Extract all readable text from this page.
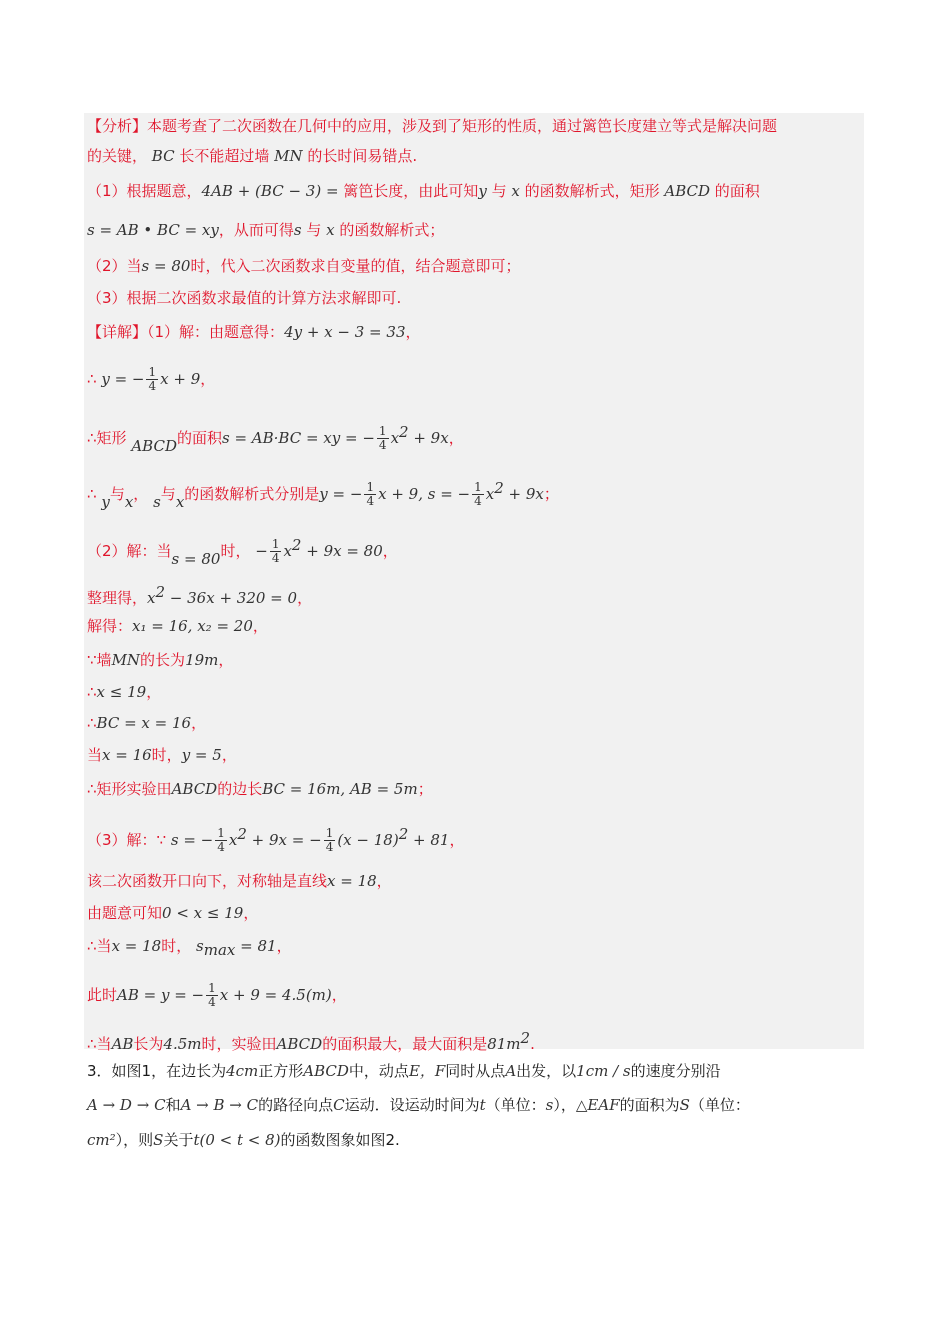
【分析】本题考查了二次函数在几何中的应用，涉及到了矩形的性质，通过篱笆长度建立等式是解决问题
的关键， BC 长不能超过墙 MN 的长时间易错点.
（1）根据题意，4AB + (BC − 3) = 篱笆长度，由此可知y 与 x 的函数解析式，矩形 ABCD 的面积
s = AB • BC = xy，从而可得s 与 x 的函数解析式；
（2）当s = 80时，代入二次函数求自变量的值，结合题意即可；
（3）根据二次函数求最值的计算方法求解即可.
【详解】（1）解：由题意得：4y + x − 3 = 33，
∴ y = − $\frac{1}{4}$ x + 9，
∴矩形 ABCD的面积s = AB·BC = xy = − $\frac{1}{4} x^2 + 9x$，
∴ y与x， s与x的函数解析式分别是y = − $\frac{1}{4}$ x + 9, s = − $\frac{1}{4} x^2 + 9x$；
（2）解：当s = 80时， − $\frac{1}{4} x^2 + 9x = 80$，
整理得，$x^2 - 36x + 320 = 0$，
解得：x₁ = 16, x₂ = 20，
∵墙MN的长为19m，
∴x ≤ 19，
∴BC = x = 16，
当x = 16时，y = 5，
∴矩形实验田ABCD的边长BC = 16m, AB = 5m；
（3）解：∵ s = − $\frac{1}{4} x^2 + 9x$ = − $\frac{1}{4} (x - 18)^2 + 81$，
该二次函数开口向下，对称轴是直线x = 18，
由题意可知0 < x ≤ 19，
∴当x = 18时， $s_{max} = 81$，
此时AB = y = − $\frac{1}{4}$ x + 9 = 4.5(m)，
∴当AB长为4.5m时，实验田ABCD的面积最大，最大面积是$81m^2$.
3．如图1，在边长为4cm正方形ABCD中，动点E，F同时从点A出发，以1cm / s的速度分别沿
A → D → C和A → B → C的路径向点C运动．设运动时间为t（单位：s），△EAF的面积为S（单位：
cm²），则S关于t(0 < t < 8)的函数图象如图2.
